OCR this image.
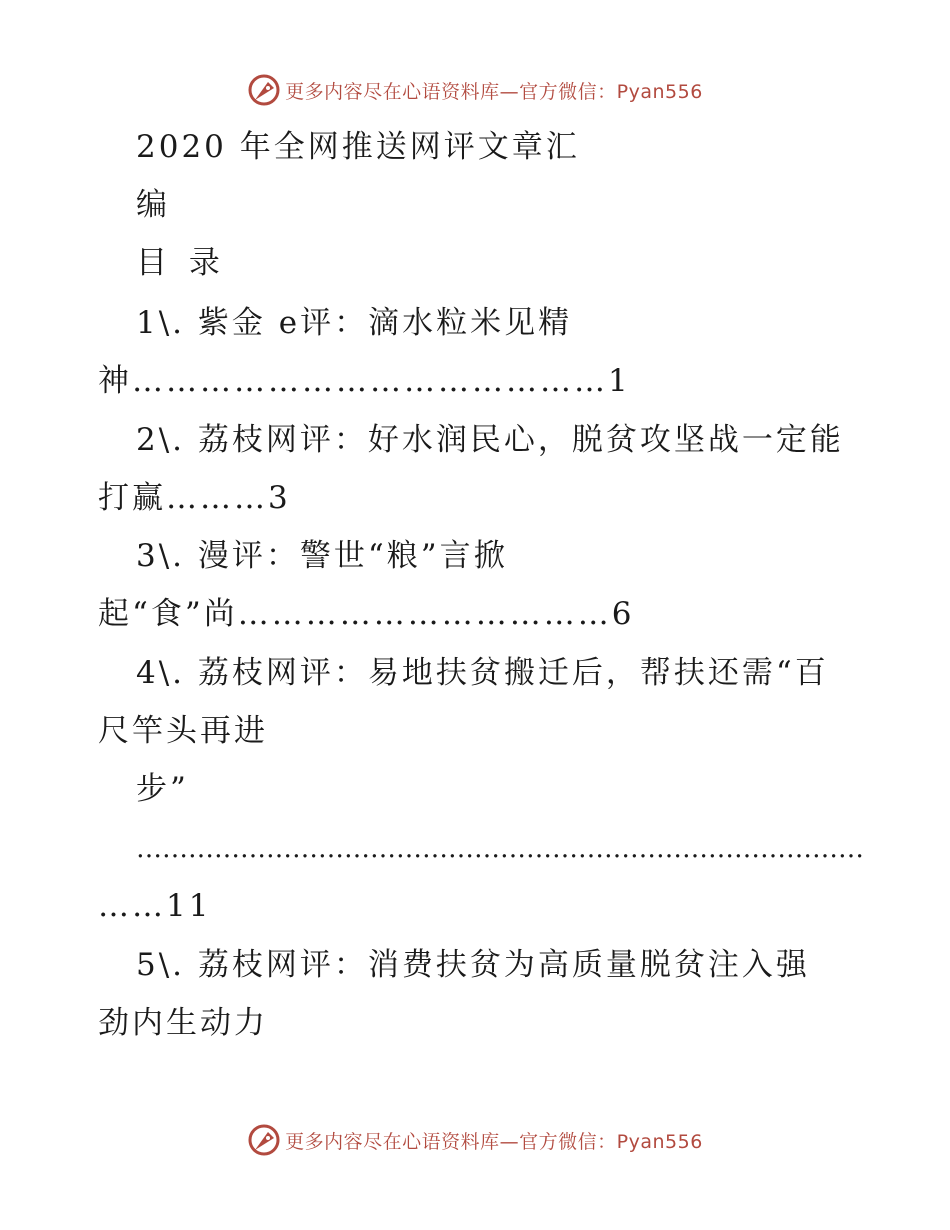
更多内容尽在心语资料库—官方微信：Pyan556
2020 年全网推送网评文章汇
编
目 录
1\. 紫金 e评：滴水粒米见精
神……………………………………1
2\. 荔枝网评：好水润民心，脱贫攻坚战一定能
打赢………3
3\. 漫评：警世“粮”言掀
起“食”尚……………………………6
4\. 荔枝网评：易地扶贫搬迁后，帮扶还需“百
尺竿头再进
步”
…………………………………………………………………………
……11
5\. 荔枝网评：消费扶贫为高质量脱贫注入强
劲内生动力
更多内容尽在心语资料库—官方微信：Pyan556
